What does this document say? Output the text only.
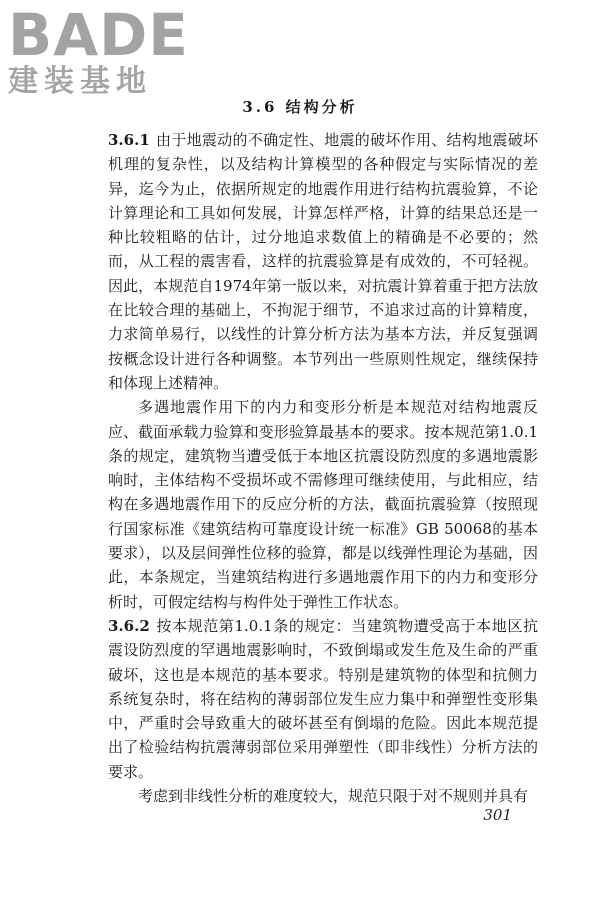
BADE
建装基地
3.6 结构分析

3.6.1 由于地震动的不确定性、地震的破坏作用、结构地震破坏机理的复杂性，以及结构计算模型的各种假定与实际情况的差异，迄今为止，依据所规定的地震作用进行结构抗震验算，不论计算理论和工具如何发展，计算怎样严格，计算的结果总还是一种比较粗略的估计，过分地追求数值上的精确是不必要的；然而，从工程的震害看，这样的抗震验算是有成效的，不可轻视。因此，本规范自1974年第一版以来，对抗震计算着重于把方法放在比较合理的基础上，不拘泥于细节，不追求过高的计算精度，力求简单易行，以线性的计算分析方法为基本方法，并反复强调按概念设计进行各种调整。本节列出一些原则性规定，继续保持和体现上述精神。

多遇地震作用下的内力和变形分析是本规范对结构地震反应、截面承载力验算和变形验算最基本的要求。按本规范第1.0.1条的规定，建筑物当遭受低于本地区抗震设防烈度的多遇地震影响时，主体结构不受损坏或不需修理可继续使用，与此相应，结构在多遇地震作用下的反应分析的方法，截面抗震验算（按照现行国家标准《建筑结构可靠度设计统一标准》GB 50068的基本要求），以及层间弹性位移的验算，都是以线弹性理论为基础，因此，本条规定，当建筑结构进行多遇地震作用下的内力和变形分析时，可假定结构与构件处于弹性工作状态。

3.6.2 按本规范第1.0.1条的规定：当建筑物遭受高于本地区抗震设防烈度的罕遇地震影响时，不致倒塌或发生危及生命的严重破坏，这也是本规范的基本要求。特别是建筑物的体型和抗侧力系统复杂时，将在结构的薄弱部位发生应力集中和弹塑性变形集中，严重时会导致重大的破坏甚至有倒塌的危险。因此本规范提出了检验结构抗震薄弱部位采用弹塑性（即非线性）分析方法的要求。

考虑到非线性分析的难度较大，规范只限于对不规则并具有

301
